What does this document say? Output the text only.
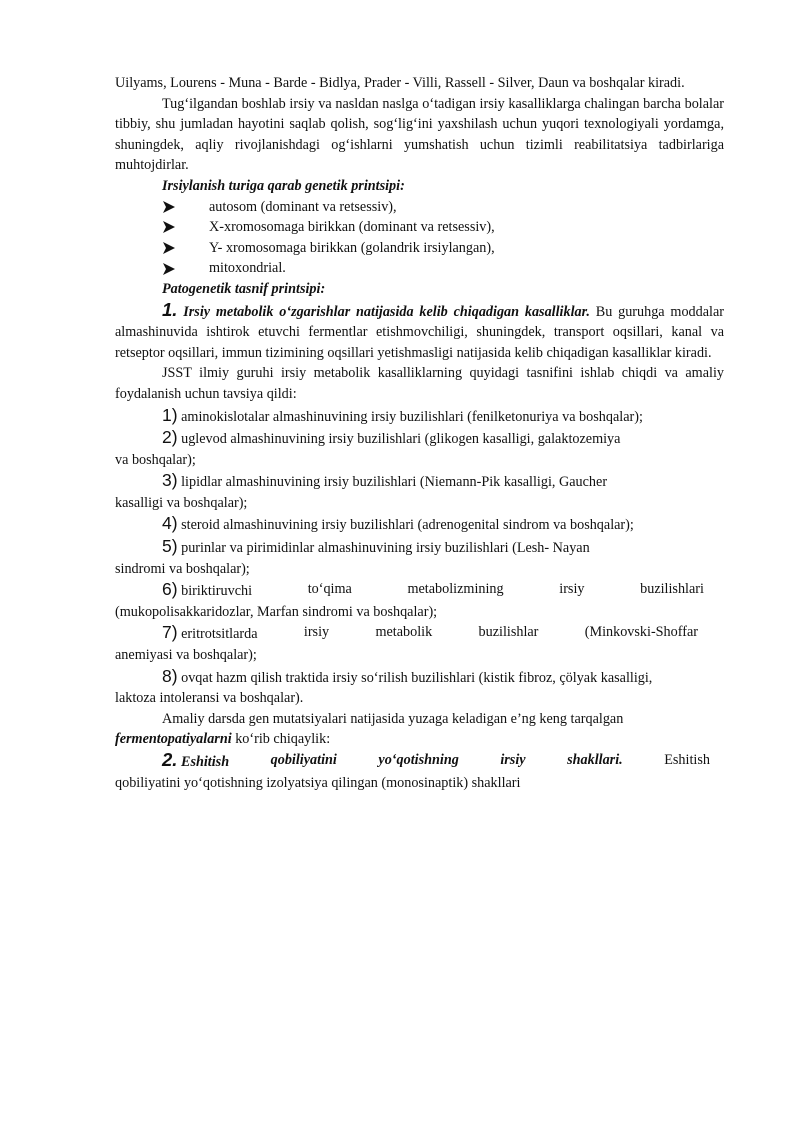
Uilyams, Lourens - Muna - Barde - Bidlya, Prader - Villi, Rassell - Silver, Daun va boshqalar kiradi.

Tug‘ilgandan boshlab irsiy va nasldan naslga o‘tadigan irsiy kasalliklarga chalingan barcha bolalar tibbiy, shu jumladan hayotini saqlab qolish, sog‘lig‘ini yaxshilash uchun yuqori texnologiyali yordamga, shuningdek, aqliy rivojlanishdagi og‘ishlarni yumshatish uchun tizimli reabilitatsiya tadbirlariga muhtojdirlar.

Irsiylanish turiga qarab genetik printsipi:

autosom (dominant va retsessiv),
X-xromosomaga birikkan (dominant va retsessiv),
Y- xromosomaga birikkan (golandrik irsiylangan),
mitoxondrial.

Patogenetik tasnif printsipi:

1. Irsiy metabolik o‘zgarishlar natijasida kelib chiqadigan kasalliklar. Bu guruhga moddalar almashinuvida ishtirok etuvchi fermentlar etishmovchiligi, shuningdek, transport oqsillari, kanal va retseptor oqsillari, immun tizimining oqsillari yetishmasligi natijasida kelib chiqadigan kasalliklar kiradi.

JSST ilmiy guruhi irsiy metabolik kasalliklarning quyidagi tasnifini ishlab chiqdi va amaliy foydalanish uchun tavsiya qildi:

1) aminokislotalar almashinuvining irsiy buzilishlari (fenilketonuriya va boshqalar);

2) uglevod almashinuvining irsiy buzilishlari (glikogen kasalligi, galaktozemiya

va boshqalar);

3) lipidlar almashinuvining irsiy buzilishlari (Niemann-Pik kasalligi, Gaucher

kasalligi va boshqalar);

4) steroid almashinuvining irsiy buzilishlari (adrenogenital sindrom va boshqalar);

5) purinlar va pirimidinlar almashinuvining irsiy buzilishlari (Lesh- Nayan

sindromi va boshqalar);

6) biriktiruvchi	to‘qima	metabolizmining	irsiy	buzilishlari

(mukopolisakkaridozlar, Marfan sindromi va boshqalar);

7) eritrotsitlarda	irsiy	metabolik	buzilishlar	(Minkovski-Shoffar

anemiyasi va boshqalar);

8) ovqat hazm qilish traktida irsiy so‘rilish buzilishlari (kistik fibroz, çölyak kasalligi,

laktoza intoleransi va boshqalar).

Amaliy darsda gen mutatsiyalari natijasida yuzaga keladigan e’ng keng tarqalgan

fermentopatiyalarni ko‘rib chiqaylik:

2. Eshitish	qobiliyatini	yo‘qotishning	irsiy	shakllari.	Eshitish

qobiliyatini yo‘qotishning izolyatsiya qilingan (monosinaptik) shakllari
